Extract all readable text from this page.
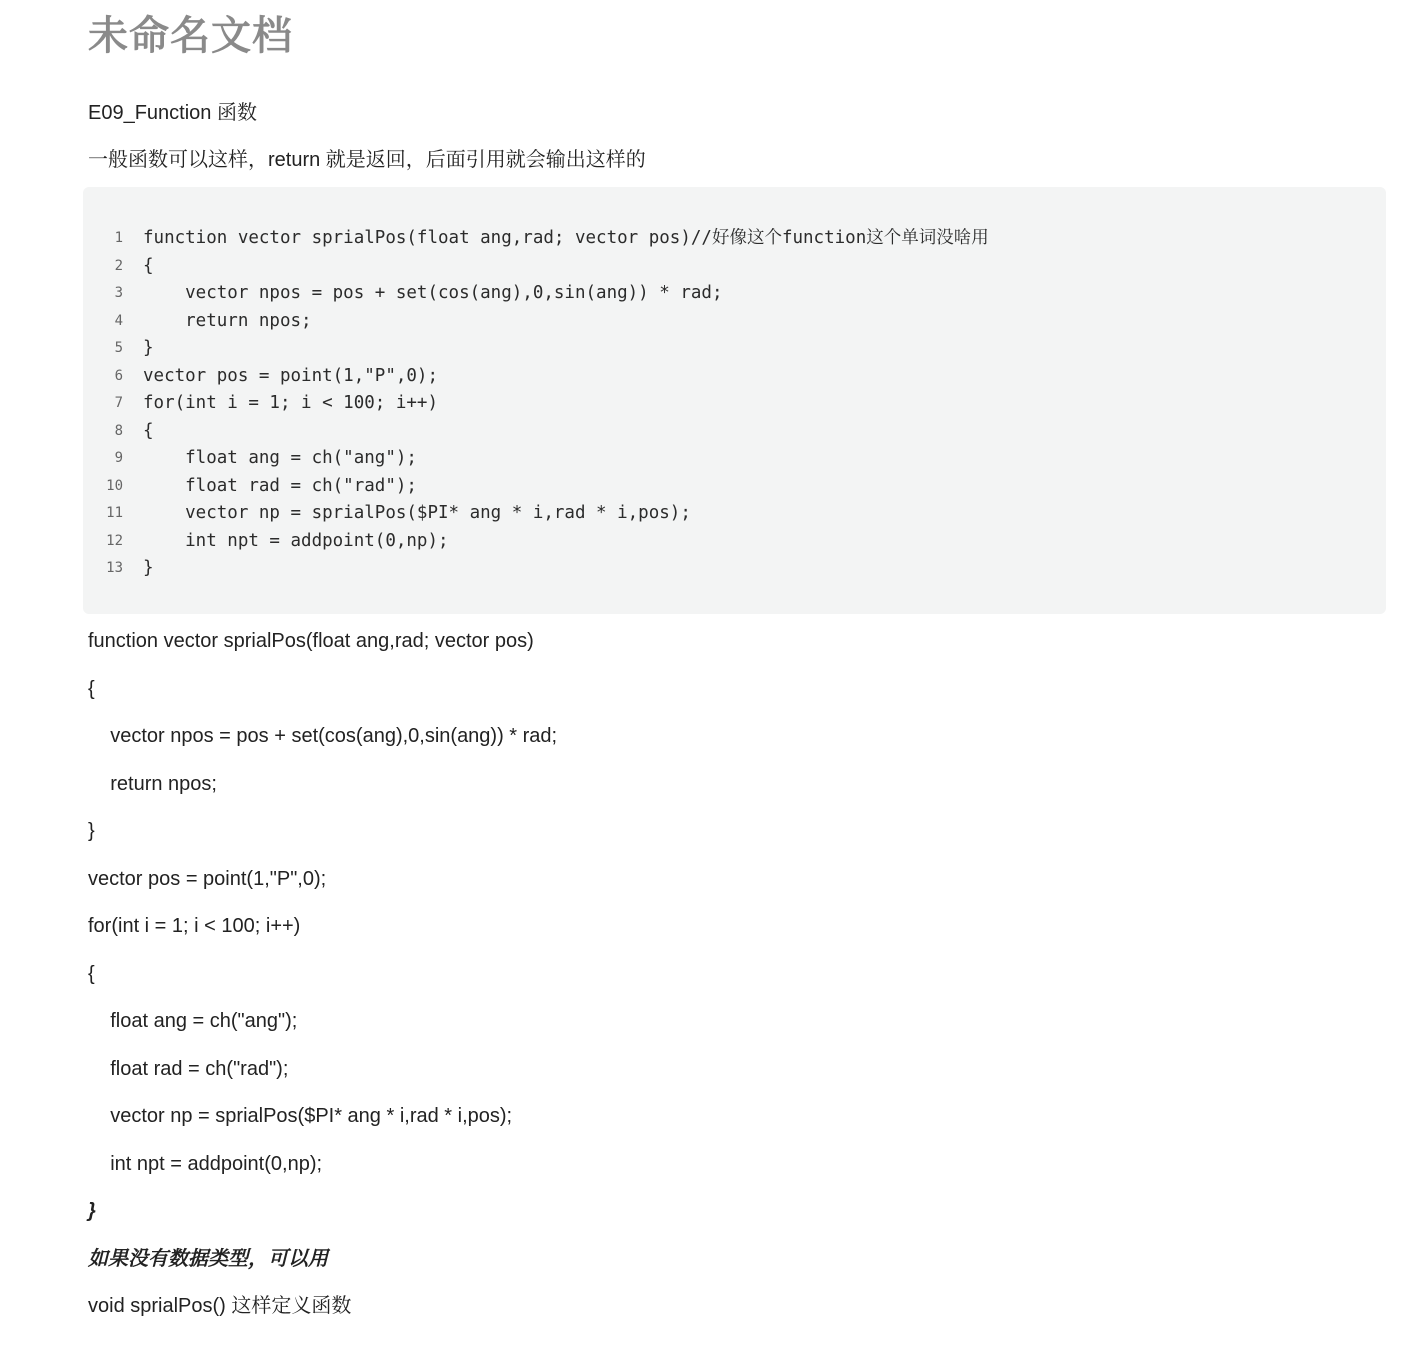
未命名文档

E09_Function 函数

一般函数可以这样，return 就是返回，后面引用就会输出这样的

1 function vector sprialPos(float ang,rad; vector pos)//好像这个function这个单词没啥用
2 {
3 vector npos = pos + set(cos(ang),0,sin(ang)) * rad;
4 return npos;
5 }
6 vector pos = point(1,"P",0);
7 for(int i = 1; i < 100; i++)
8 {
9 float ang = ch("ang");
10 float rad = ch("rad");
11 vector np = sprialPos($PI* ang * i,rad * i,pos);
12 int npt = addpoint(0,np);
13 }

function vector sprialPos(float ang,rad; vector pos)

{

vector npos = pos + set(cos(ang),0,sin(ang)) * rad;

return npos;

}

vector pos = point(1,"P",0);

for(int i = 1; i < 100; i++)

{

float ang = ch("ang");

float rad = ch("rad");

vector np = sprialPos($PI* ang * i,rad * i,pos);

int npt = addpoint(0,np);

}

如果没有数据类型，可以用

void sprialPos() 这样定义函数
